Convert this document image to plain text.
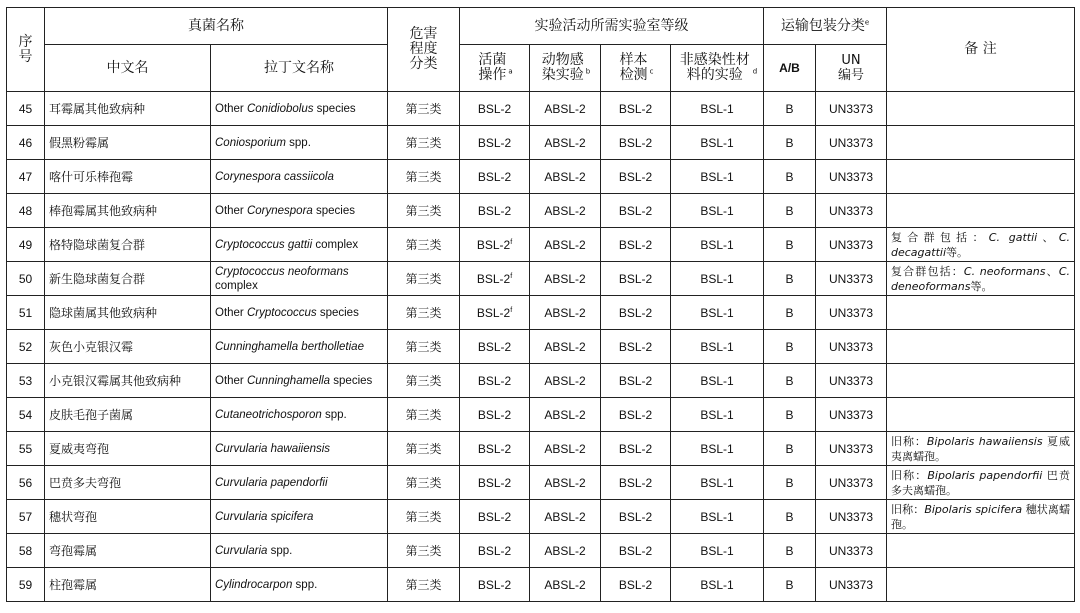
序号	真菌名称		危害程度分类	实验活动所需实验室等级				运输包装分类$^e$		备 注
	中文名	拉丁文名称		活菌操作 $^a$	动物感染实验 $^b$	样本检测 $^c$	非感染性材料的实验 $^d$	A/B	UN编号	
45	耳霉属其他致病种	Other Conidiobolus species	第三类	BSL-2	ABSL-2	BSL-2	BSL-1	B	UN3373	
46	假黑粉霉属	Coniosporium spp.	第三类	BSL-2	ABSL-2	BSL-2	BSL-1	B	UN3373	
47	喀什可乐棒孢霉	Corynespora cassiicola	第三类	BSL-2	ABSL-2	BSL-2	BSL-1	B	UN3373	
48	棒孢霉属其他致病种	Other Corynespora species	第三类	BSL-2	ABSL-2	BSL-2	BSL-1	B	UN3373	
49	格特隐球菌复合群	Cryptococcus gattii complex	第三类	BSL-2$^f$	ABSL-2	BSL-2	BSL-1	B	UN3373	复合群包括：C. gattii、C. decagattii等。
50	新生隐球菌复合群	Cryptococcus neoformans complex	第三类	BSL-2$^f$	ABSL-2	BSL-2	BSL-1	B	UN3373	复合群包括：C. neoformans、C. deneoformans等。
51	隐球菌属其他致病种	Other Cryptococcus species	第三类	BSL-2$^f$	ABSL-2	BSL-2	BSL-1	B	UN3373	
52	灰色小克银汉霉	Cunninghamella bertholletiae	第三类	BSL-2	ABSL-2	BSL-2	BSL-1	B	UN3373	
53	小克银汉霉属其他致病种	Other Cunninghamella species	第三类	BSL-2	ABSL-2	BSL-2	BSL-1	B	UN3373	
54	皮肤毛孢子菌属	Cutaneotrichosporon spp.	第三类	BSL-2	ABSL-2	BSL-2	BSL-1	B	UN3373	
55	夏威夷弯孢	Curvularia hawaiiensis	第三类	BSL-2	ABSL-2	BSL-2	BSL-1	B	UN3373	旧称：Bipolaris hawaiiensis 夏威夷离蠕孢。
56	巴贲多夫弯孢	Curvularia papendorfii	第三类	BSL-2	ABSL-2	BSL-2	BSL-1	B	UN3373	旧称：Bipolaris papendorfii 巴贲多夫离蠕孢。
57	穗状弯孢	Curvularia spicifera	第三类	BSL-2	ABSL-2	BSL-2	BSL-1	B	UN3373	旧称：Bipolaris spicifera 穗状离蠕孢。
58	弯孢霉属	Curvularia spp.	第三类	BSL-2	ABSL-2	BSL-2	BSL-1	B	UN3373	
59	柱孢霉属	Cylindrocarpon spp.	第三类	BSL-2	ABSL-2	BSL-2	BSL-1	B	UN3373	
